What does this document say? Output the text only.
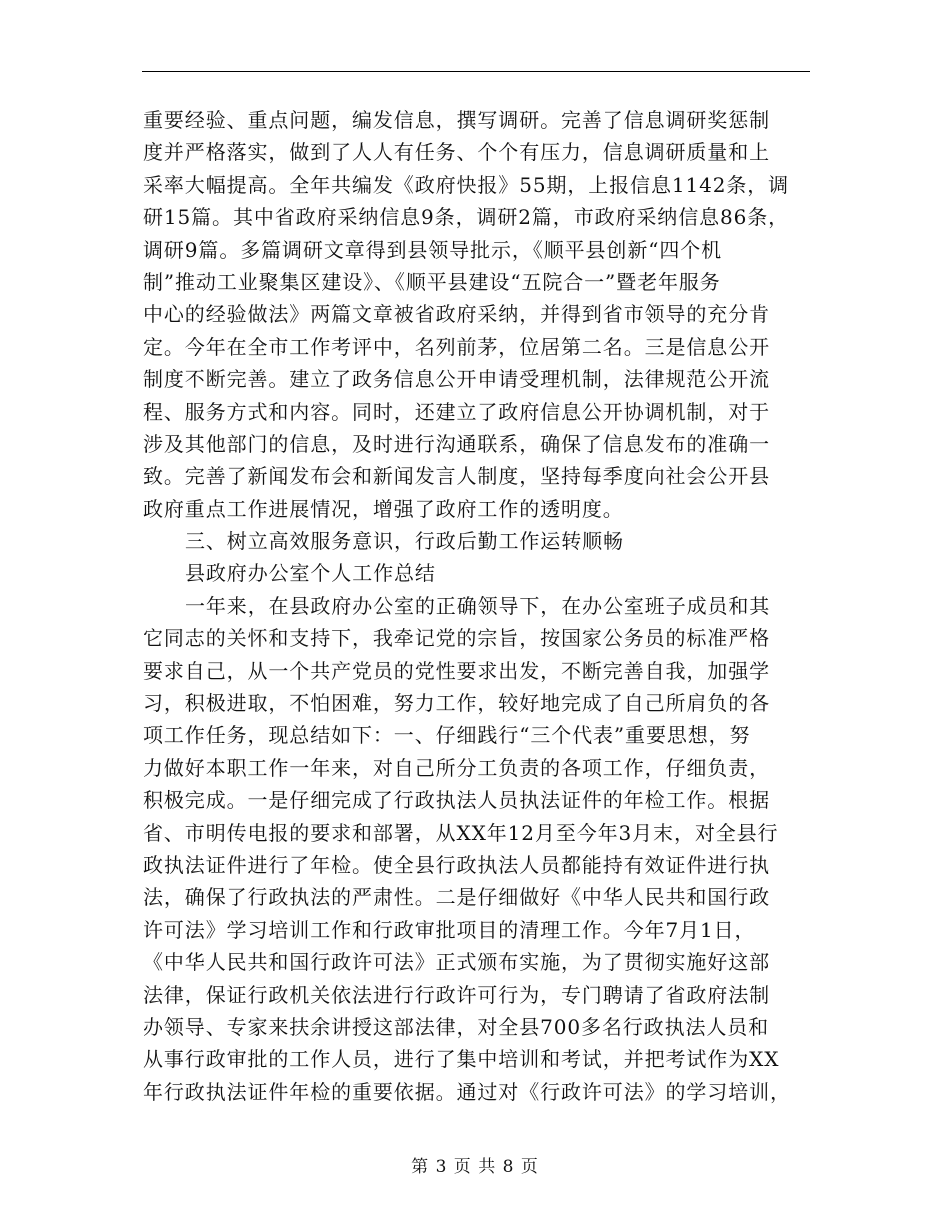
重要经验、重点问题，编发信息，撰写调研。完善了信息调研奖惩制
度并严格落实，做到了人人有任务、个个有压力，信息调研质量和上
采率大幅提高。全年共编发《政府快报》55期，上报信息1142条，调
研15篇。其中省政府采纳信息9条，调研2篇，市政府采纳信息86条，
调研9篇。多篇调研文章得到县领导批示，《顺平县创新“四个机
制”推动工业聚集区建设》、《顺平县建设“五院合一”暨老年服务
中心的经验做法》两篇文章被省政府采纳，并得到省市领导的充分肯
定。今年在全市工作考评中，名列前茅，位居第二名。三是信息公开
制度不断完善。建立了政务信息公开申请受理机制，法律规范公开流
程、服务方式和内容。同时，还建立了政府信息公开协调机制，对于
涉及其他部门的信息，及时进行沟通联系，确保了信息发布的准确一
致。完善了新闻发布会和新闻发言人制度，坚持每季度向社会公开县
政府重点工作进展情况，增强了政府工作的透明度。
三、树立高效服务意识，行政后勤工作运转顺畅
县政府办公室个人工作总结
一年来，在县政府办公室的正确领导下，在办公室班子成员和其
它同志的关怀和支持下，我牵记党的宗旨，按国家公务员的标准严格
要求自己，从一个共产党员的党性要求出发，不断完善自我，加强学
习，积极进取，不怕困难，努力工作，较好地完成了自己所肩负的各
项工作任务，现总结如下：一、仔细践行“三个代表”重要思想，努
力做好本职工作一年来，对自己所分工负责的各项工作，仔细负责，
积极完成。一是仔细完成了行政执法人员执法证件的年检工作。根据
省、市明传电报的要求和部署，从XX年12月至今年3月末，对全县行
政执法证件进行了年检。使全县行政执法人员都能持有效证件进行执
法，确保了行政执法的严肃性。二是仔细做好《中华人民共和国行政
许可法》学习培训工作和行政审批项目的清理工作。今年7月1日，
《中华人民共和国行政许可法》正式颁布实施，为了贯彻实施好这部
法律，保证行政机关依法进行行政许可行为，专门聘请了省政府法制
办领导、专家来扶余讲授这部法律，对全县700多名行政执法人员和
从事行政审批的工作人员，进行了集中培训和考试，并把考试作为XX
年行政执法证件年检的重要依据。通过对《行政许可法》的学习培训，
第 3 页 共 8 页
